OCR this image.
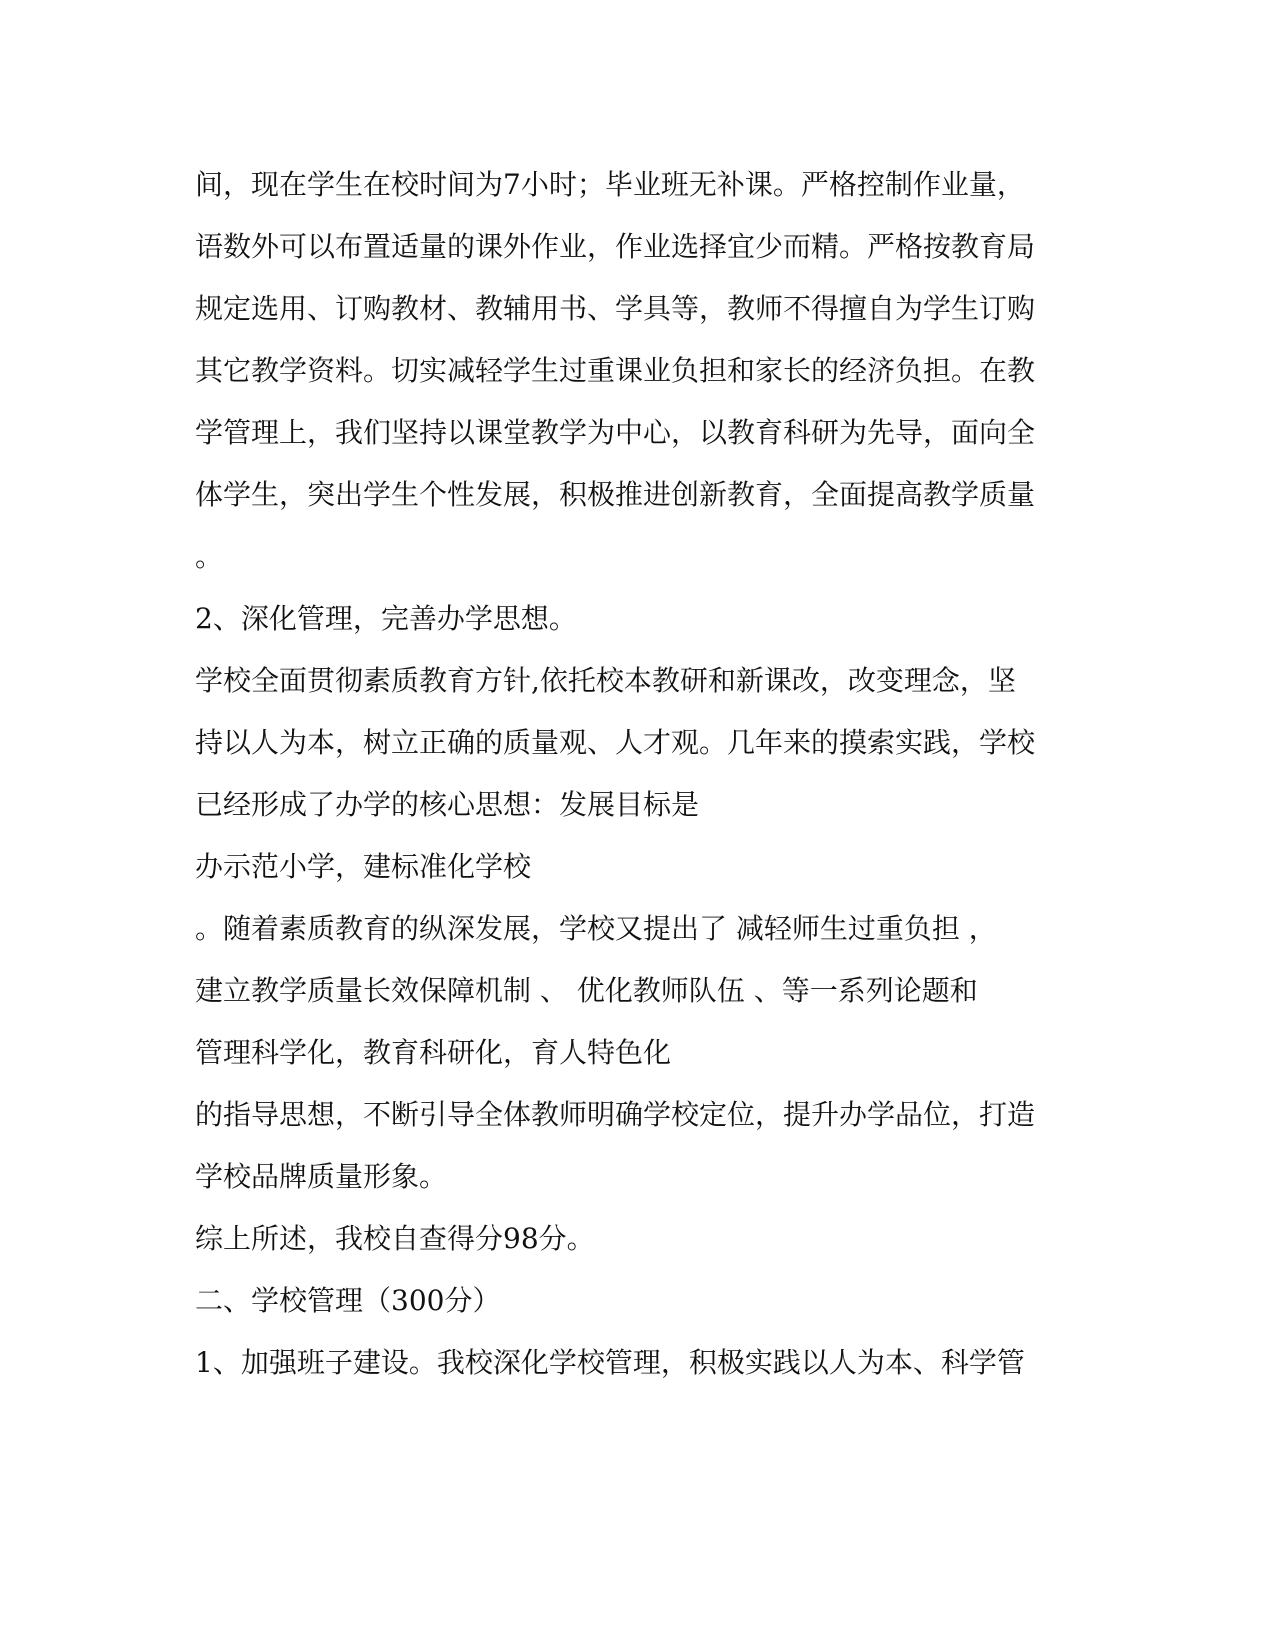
间，现在学生在校时间为7小时；毕业班无补课。严格控制作业量，
语数外可以布置适量的课外作业，作业选择宜少而精。严格按教育局
规定选用、订购教材、教辅用书、学具等，教师不得擅自为学生订购
其它教学资料。切实减轻学生过重课业负担和家长的经济负担。在教
学管理上，我们坚持以课堂教学为中心，以教育科研为先导，面向全
体学生，突出学生个性发展，积极推进创新教育，全面提高教学质量
。
2、深化管理，完善办学思想。
学校全面贯彻素质教育方针,依托校本教研和新课改，改变理念，坚
持以人为本，树立正确的质量观、人才观。几年来的摸索实践，学校
已经形成了办学的核心思想：发展目标是
办示范小学，建标准化学校
。随着素质教育的纵深发展，学校又提出了 减轻师生过重负担 ，
建立教学质量长效保障机制 、 优化教师队伍 、等一系列论题和
管理科学化，教育科研化，育人特色化
的指导思想，不断引导全体教师明确学校定位，提升办学品位，打造
学校品牌质量形象。
综上所述，我校自查得分98分。
二、学校管理（300分）
1、加强班子建设。我校深化学校管理，积极实践以人为本、科学管
